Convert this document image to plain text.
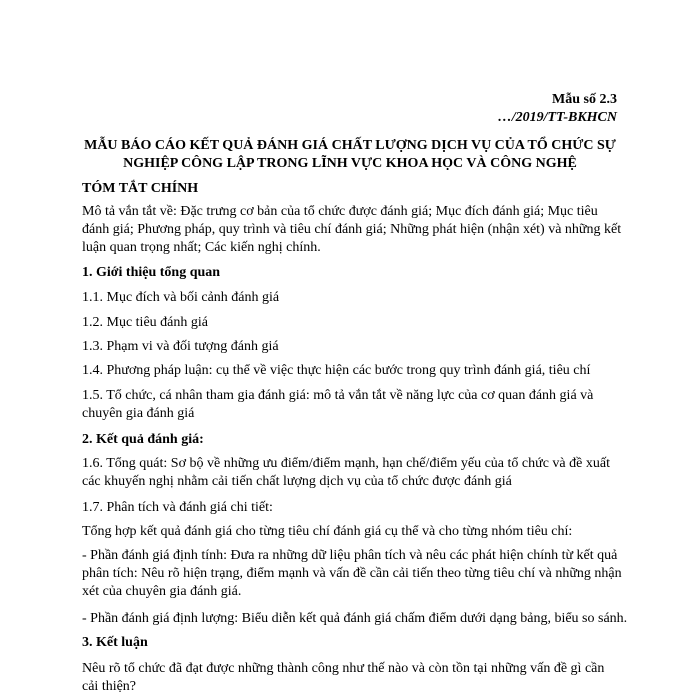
Mẫu số 2.3
…/2019/TT-BKHCN
MẪU BÁO CÁO KẾT QUẢ ĐÁNH GIÁ CHẤT LƯỢNG DỊCH VỤ CỦA TỔ CHỨC SỰ
NGHIỆP CÔNG LẬP TRONG LĨNH VỰC KHOA HỌC VÀ CÔNG NGHỆ
TÓM TẮT CHÍNH
Mô tả vắn tắt về: Đặc trưng cơ bản của tổ chức được đánh giá; Mục đích đánh giá; Mục tiêu đánh giá; Phương pháp, quy trình và tiêu chí đánh giá; Những phát hiện (nhận xét) và những kết luận quan trọng nhất; Các kiến nghị chính.
1. Giới thiệu tổng quan
1.1. Mục đích và bối cảnh đánh giá
1.2. Mục tiêu đánh giá
1.3. Phạm vi và đối tượng đánh giá
1.4. Phương pháp luận: cụ thể về việc thực hiện các bước trong quy trình đánh giá, tiêu chí
1.5. Tổ chức, cá nhân tham gia đánh giá: mô tả vắn tắt về năng lực của cơ quan đánh giá và chuyên gia đánh giá
2. Kết quả đánh giá:
1.6. Tổng quát: Sơ bộ về những ưu điểm/điểm mạnh, hạn chế/điểm yếu của tổ chức và đề xuất các khuyến nghị nhằm cải tiến chất lượng dịch vụ của tổ chức được đánh giá
1.7. Phân tích và đánh giá chi tiết:
Tổng hợp kết quả đánh giá cho từng tiêu chí đánh giá cụ thể và cho từng nhóm tiêu chí:
- Phần đánh giá định tính: Đưa ra những dữ liệu phân tích và nêu các phát hiện chính từ kết quả phân tích: Nêu rõ hiện trạng, điểm mạnh và vấn đề cần cải tiến theo từng tiêu chí và những nhận xét của chuyên gia đánh giá.
- Phần đánh giá định lượng: Biểu diễn kết quả đánh giá chấm điểm dưới dạng bảng, biểu so sánh.
3. Kết luận
Nêu rõ tổ chức đã đạt được những thành công như thế nào và còn tồn tại những vấn đề gì cần cải thiện?
